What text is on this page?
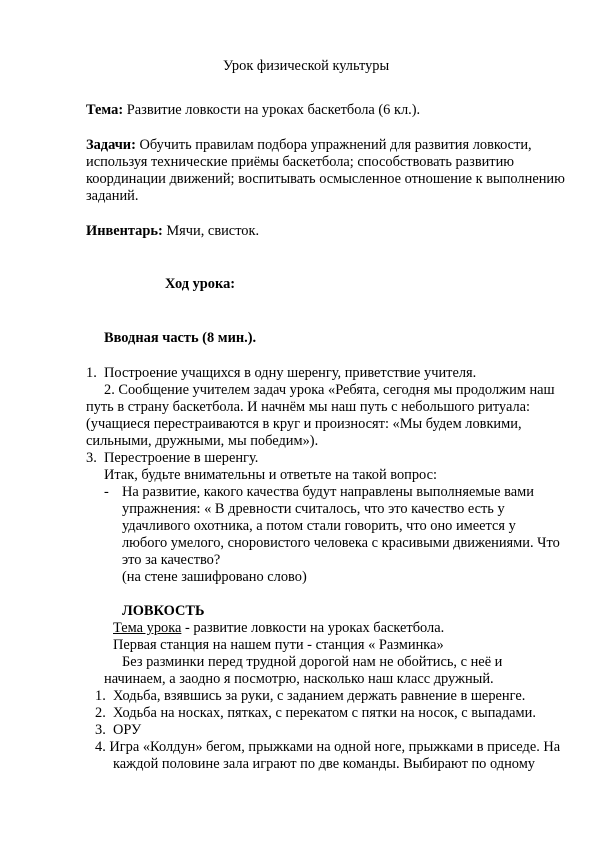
Урок физической культуры
Тема: Развитие ловкости на уроках баскетбола (6 кл.).
Задачи: Обучить правилам подбора упражнений для развития ловкости,
используя технические приёмы баскетбола; способствовать развитию
координации движений; воспитывать осмысленное отношение к выполнению
заданий.
Инвентарь: Мячи, свисток.
Ход урока:
Вводная часть (8 мин.).
1. Построение учащихся в одну шеренгу, приветствие учителя.
2. Сообщение учителем задач урока «Ребята, сегодня мы продолжим наш
путь в страну баскетбола. И начнём мы наш путь с небольшого ритуала:
(учащиеся перестраиваются в круг и произносят: «Мы будем ловкими,
сильными, дружными, мы победим»).
3. Перестроение в шеренгу.
Итак, будьте внимательны и ответьте на такой вопрос:
- На развитие, какого качества будут направлены выполняемые вами
упражнения: « В древности считалось, что это качество есть у
удачливого охотника, а потом стали говорить, что оно имеется у
любого умелого, сноровистого человека с красивыми движениями. Что
это за качество?
(на стене зашифровано слово)
ЛОВКОСТЬ
Тема урока - развитие ловкости на уроках баскетбола.
Первая станция на нашем пути - станция « Разминка»
Без разминки перед трудной дорогой нам не обойтись, с неё и
начинаем, а заодно я посмотрю, насколько наш класс дружный.
1. Ходьба, взявшись за руки, с заданием держать равнение в шеренге.
2. Ходьба на носках, пятках, с перекатом с пятки на носок, с выпадами.
3. ОРУ
4. Игра «Колдун» бегом, прыжками на одной ноге, прыжками в приседе. На
каждой половине зала играют по две команды. Выбирают по одному
